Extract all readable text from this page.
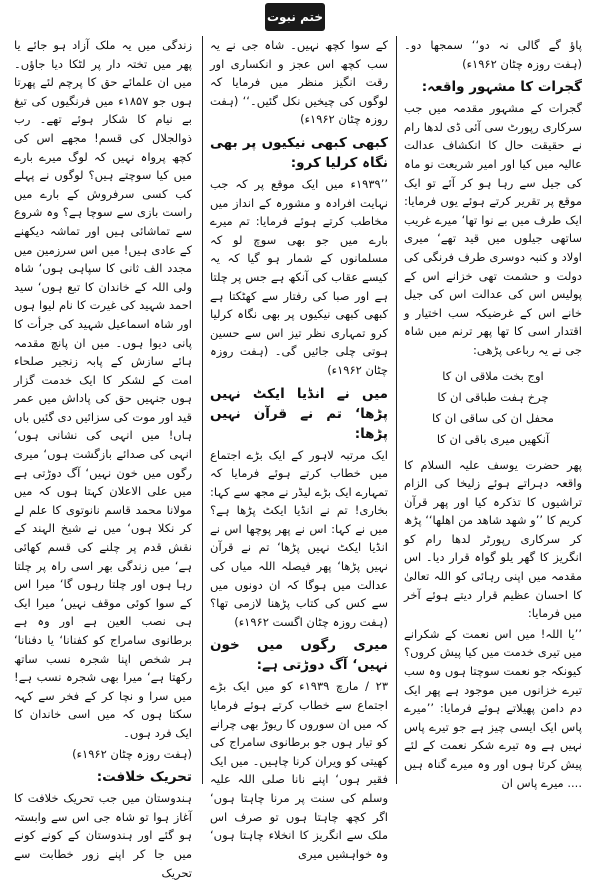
ختم نبوت

پاؤ گے گالی نہ دو‘‘ سمجھا دو۔ (ہفت روزہ چٹان ۱۹۶۲ء)

گجرات کا مشہور واقعہ:

گجرات کے مشہور مقدمہ میں جب سرکاری رپورٹ سی آئی ڈی لدھا رام نے حقیقت حال کا انکشاف عدالت عالیہ میں کیا اور امیر شریعت نو ماہ کی جیل سے رہا ہو کر آئے تو ایک موقع پر تقریر کرتے ہوئے یوں فرمایا: ایک طرف میں بے نوا تھا‘ میرے غریب ساتھی جیلوں میں قید تھے‘ میری اولاد و کنبہ دوسری طرف فرنگی کی دولت و حشمت تھی خزانے اس کے پولیس اس کی عدالت اس کی جیل خانے اس کے غرضیکہ سب اختیار و اقتدار اسی کا تھا پھر ترنم میں شاہ جی نے یہ رباعی پڑھی:

اوج بخت ملاقی ان کا
چرخ ہفت طباقی ان کا
محفل ان کی ساقی ان کا
آنکھیں میری باقی ان کا

پھر حضرت یوسف علیہ السلام کا واقعہ دہراتے ہوئے زلیخا کی الزام تراشیوں کا تذکرہ کیا اور پھر قرآن کریم کا ’’و شھد شاھد من اھلھا‘‘ پڑھ کر سرکاری رپورٹر لدھا رام کو انگریز کا گھر یلو گواہ قرار دیا۔ اس مقدمہ میں اپنی رہائی کو اللہ تعالیٰ کا احسان عظیم قرار دیتے ہوئے آخر میں فرمایا:

’’یا اللہ! میں اس نعمت کے شکرانے میں تیری خدمت میں کیا پیش کروں؟ کیونکہ جو نعمت سوچتا ہوں وہ سب تیرے خزانوں میں موجود ہے پھر ایک دم دامن پھیلاتے ہوئے فرمایا: ’’میرے پاس ایک ایسی چیز ہے جو تیرے پاس نہیں ہے وہ تیرے شکر نعمت کے لئے پیش کرتا ہوں اور وہ میرے گناہ ہیں .... میرے پاس ان

کے سوا کچھ نہیں۔ شاہ جی نے یہ سب کچھ اس عجز و انکساری اور رقت انگیز منظر میں فرمایا کہ لوگوں کی چیخیں نکل گئیں۔‘‘ (ہفت روزہ چٹان ۱۹۶۲ء)

کبھی کبھی نیکیوں پر بھی نگاہ کرلیا کرو:

’’۱۹۳۹ء میں ایک موقع پر کہ جب نہایت افرادہ و مشورہ کے انداز میں مخاطب کرتے ہوئے فرمایا: تم میرے بارے میں جو بھی سوچ لو کہ مسلمانوں کے شمار ہو گیا کہ یہ کیسے عقاب کی آنکھ ہے جس پر چلتا ہے اور صبا کی رفتار سے کھٹکتا ہے کبھی کبھی نیکیوں پر بھی نگاہ کرلیا کرو تمہاری نظر تیز اس سے حسین ہوتی چلی جائیں گی۔ (ہفت روزہ چٹان ۱۹۶۲ء)

میں نے انڈیا ایکٹ نہیں پڑھا‘ تم نے قرآن نہیں پڑھا:

ایک مرتبہ لاہور کے ایک بڑے اجتماع میں خطاب کرتے ہوئے فرمایا کہ تمہارے ایک بڑے لیڈر نے مجھ سے کہا: بخاری! تم نے انڈیا ایکٹ پڑھا ہے؟ میں نے کہا: اس نے پھر پوچھا اس نے انڈیا ایکٹ نہیں پڑھا‘ تم نے قرآن نہیں پڑھا‘ پھر فیصلہ اللہ میاں کی عدالت میں ہوگا کہ ان دونوں میں سے کس کی کتاب پڑھنا لازمی تھا؟ (ہفت روزہ چٹان اگست ۱۹۶۲ء)

میری رگوں میں خون نہیں‘ آگ دوڑتی ہے:

۲۳ / مارچ ۱۹۳۹ء کو میں ایک بڑے اجتماع سے خطاب کرتے ہوئے فرمایا کہ میں ان سوروں کا ریوڑ بھی چرانے کو تیار ہوں جو برطانوی سامراج کی کھیتی کو ویران کرنا چاہیں۔ میں ایک فقیر ہوں‘ اپنے نانا صلی اللہ علیہ وسلم کی سنت پر مرنا چاہتا ہوں‘ اگر کچھ چاہتا ہوں تو صرف اس ملک سے انگریز کا انخلاء چاہتا ہوں‘ وہ خواہشیں میری

زندگی میں یہ ملک آزاد ہو جائے یا پھر میں تختہ دار پر لٹکا دیا جاؤں۔ میں ان علمائے حق کا پرچم لئے پھرتا ہوں جو ۱۸۵۷ء میں فرنگیوں کی تیغ بے نیام کا شکار ہوئے تھے۔ رب ذوالجلال کی قسم! مجھے اس کی کچھ پرواہ نہیں کہ لوگ میرے بارے میں کیا سوچتے ہیں؟ لوگوں نے پہلے کب کسی سرفروش کے بارے میں راست بازی سے سوچا ہے؟ وہ شروع سے تماشائی ہیں اور تماشہ دیکھنے کے عادی ہیں! میں اس سرزمین میں مجدد الف ثانی کا سپاہی ہوں‘ شاہ ولی اللہ کے خاندان کا تبع ہوں‘ سید احمد شہید کی غیرت کا نام لیوا ہوں اور شاہ اسماعیل شہید کی جرأت کا پانی دیوا ہوں۔ میں ان پانچ مقدمہ ہائے سازش کے پابہ زنجیر صلحاء امت کے لشکر کا ایک خدمت گزار ہوں جنہیں حق کی پاداش میں عمر قید اور موت کی سزائیں دی گئیں باں ہاں! میں انہی کی نشانی ہوں‘ انہی کی صدائے بازگشت ہوں‘ میری رگوں میں خون نہیں‘ آگ دوڑتی ہے میں علی الاعلان کہتا ہوں کہ میں مولانا محمد قاسم نانوتوی کا علم لے کر نکلا ہوں‘ میں نے شیخ الہند کے نقش قدم پر چلنے کی قسم کھائی ہے‘ میں زندگی بھر اسی راہ پر چلتا رہا ہوں اور چلتا رہوں گا‘ میرا اس کے سوا کوئی موقف نہیں‘ میرا ایک ہی نصب العین ہے اور وہ ہے برطانوی سامراج کو کفنانا‘ یا دفنانا‘ ہر شخص اپنا شجرہ نسب ساتھ رکھتا ہے‘ میرا بھی شجرہ نسب ہے! میں سرا و نچا کر کے فخر سے کہہ سکتا ہوں کہ میں اسی خاندان کا ایک فرد ہوں۔

(ہفت روزہ چٹان ۱۹۶۲ء)

تحریک خلافت:

ہندوستان میں جب تحریک خلافت کا آغاز ہوا تو شاہ جی اس سے وابستہ ہو گئے اور ہندوستان کے کونے کونے میں جا کر اپنے زور خطابت سے تحریک
